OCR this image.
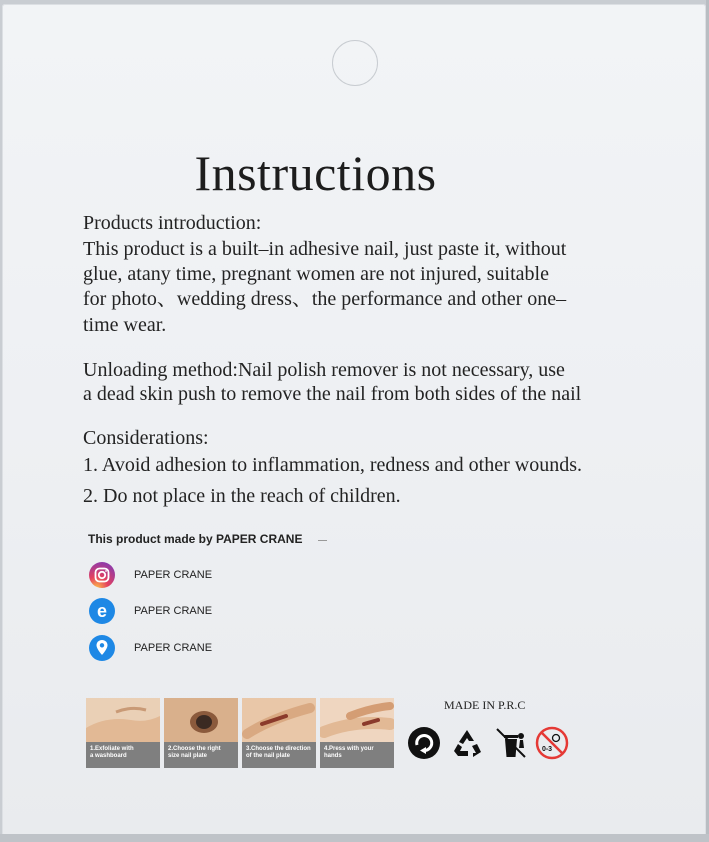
Instructions
Products introduction:
This product is a built–in adhesive nail, just paste it, without
glue, atany time, pregnant women are not injured, suitable
for photo、wedding dress、the performance and other one–
time wear.
Unloading method:Nail polish remover is not necessary, use
a dead skin push to remove the nail from both sides of the nail
Considerations:
1. Avoid adhesion to inflammation, redness and other wounds.
2. Do not place in the reach of children.
This product made by PAPER CRANE
PAPER CRANE
e PAPER CRANE
PAPER CRANE
1.Exfoliate with
a washboard
2.Choose the right
size nail plate
3.Choose the direction
of the nail plate
4.Press with your hands
MADE IN P.R.C
0-3
